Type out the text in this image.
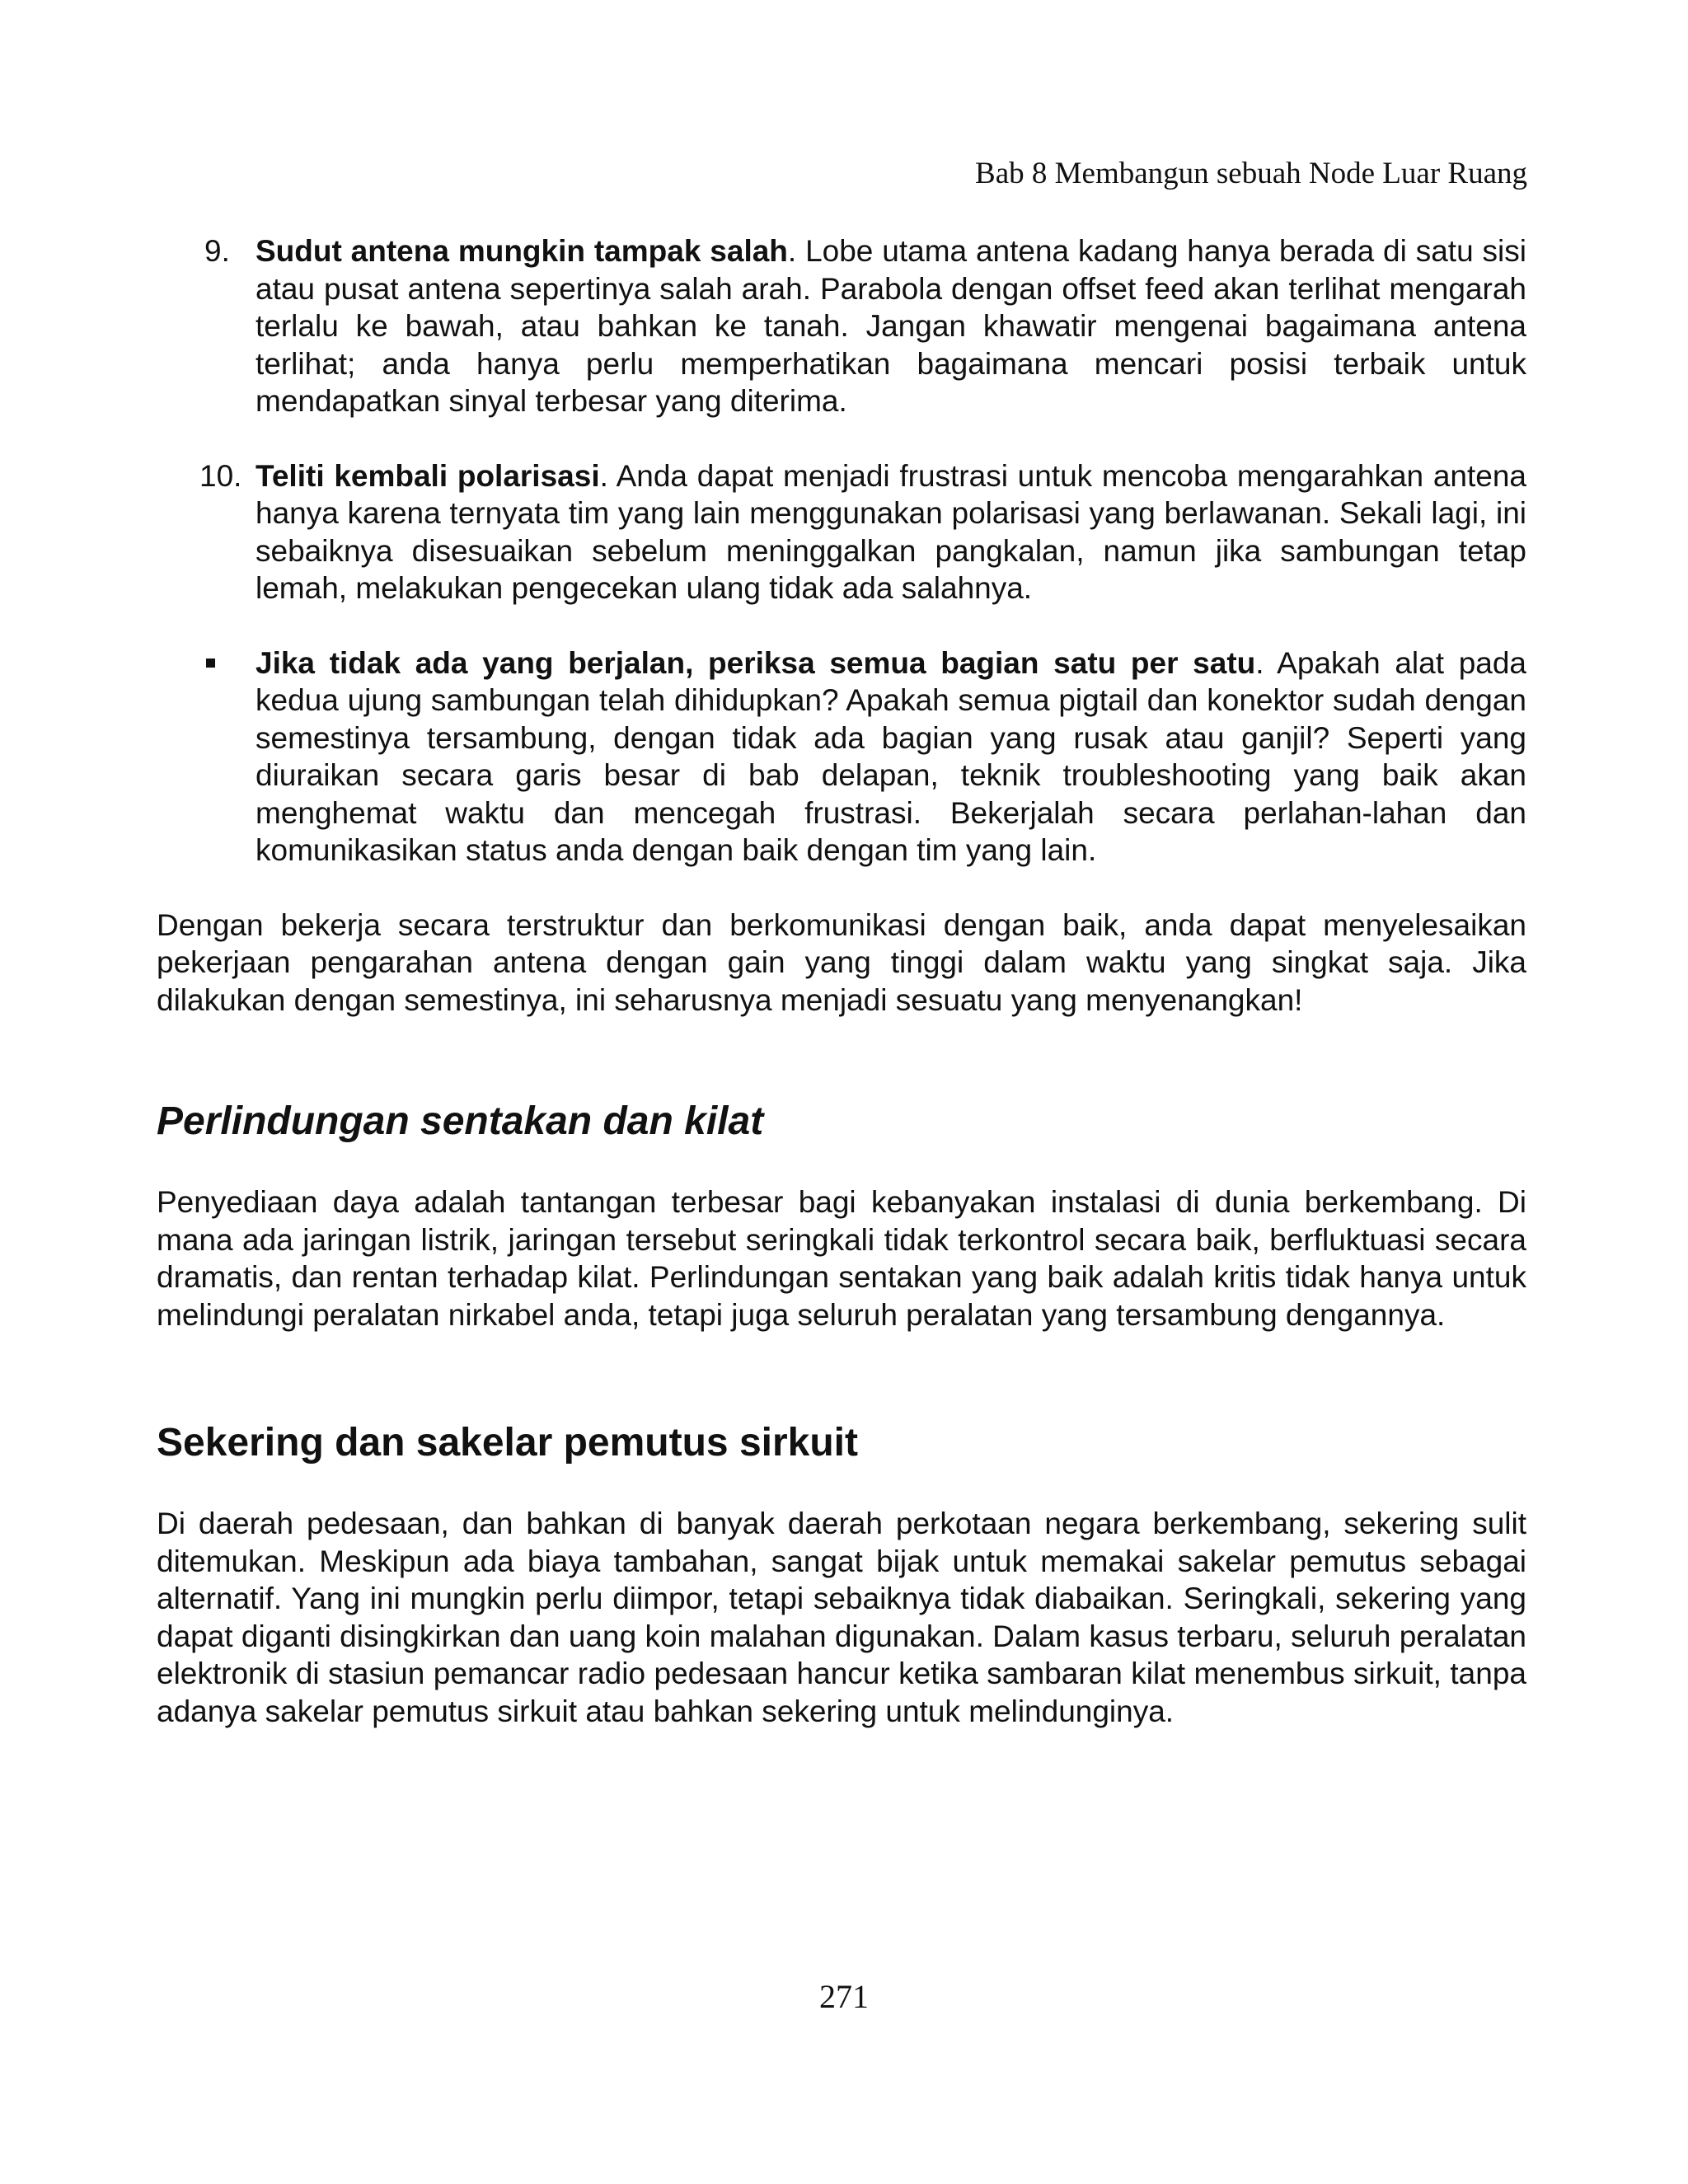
Bab 8 Membangun sebuah Node Luar Ruang
9. Sudut antena mungkin tampak salah. Lobe utama antena kadang hanya berada di satu sisi atau pusat antena sepertinya salah arah. Parabola dengan offset feed akan terlihat mengarah terlalu ke bawah, atau bahkan ke tanah. Jangan khawatir mengenai bagaimana antena terlihat; anda hanya perlu memperhatikan bagaimana mencari posisi terbaik untuk mendapatkan sinyal terbesar yang diterima.
10. Teliti kembali polarisasi. Anda dapat menjadi frustrasi untuk mencoba mengarahkan antena hanya karena ternyata tim yang lain menggunakan polarisasi yang berlawanan. Sekali lagi, ini sebaiknya disesuaikan sebelum meninggalkan pangkalan, namun jika sambungan tetap lemah, melakukan pengecekan ulang tidak ada salahnya.
Jika tidak ada yang berjalan, periksa semua bagian satu per satu. Apakah alat pada kedua ujung sambungan telah dihidupkan? Apakah semua pigtail dan konektor sudah dengan semestinya tersambung, dengan tidak ada bagian yang rusak atau ganjil? Seperti yang diuraikan secara garis besar di bab delapan, teknik troubleshooting yang baik akan menghemat waktu dan mencegah frustrasi. Bekerjalah secara perlahan-lahan dan komunikasikan status anda dengan baik dengan tim yang lain.

Dengan bekerja secara terstruktur dan berkomunikasi dengan baik, anda dapat menyelesaikan pekerjaan pengarahan antena dengan gain yang tinggi dalam waktu yang singkat saja. Jika dilakukan dengan semestinya, ini seharusnya menjadi sesuatu yang menyenangkan!

Perlindungan sentakan dan kilat

Penyediaan daya adalah tantangan terbesar bagi kebanyakan instalasi di dunia berkembang. Di mana ada jaringan listrik, jaringan tersebut seringkali tidak terkontrol secara baik, berfluktuasi secara dramatis, dan rentan terhadap kilat. Perlindungan sentakan yang baik adalah kritis tidak hanya untuk melindungi peralatan nirkabel anda, tetapi juga seluruh peralatan yang tersambung dengannya.

Sekering dan sakelar pemutus sirkuit

Di daerah pedesaan, dan bahkan di banyak daerah perkotaan negara berkembang, sekering sulit ditemukan. Meskipun ada biaya tambahan, sangat bijak untuk memakai sakelar pemutus sebagai alternatif. Yang ini mungkin perlu diimpor, tetapi sebaiknya tidak diabaikan. Seringkali, sekering yang dapat diganti disingkirkan dan uang koin malahan digunakan. Dalam kasus terbaru, seluruh peralatan elektronik di stasiun pemancar radio pedesaan hancur ketika sambaran kilat menembus sirkuit, tanpa adanya sakelar pemutus sirkuit atau bahkan sekering untuk melindunginya.

271
